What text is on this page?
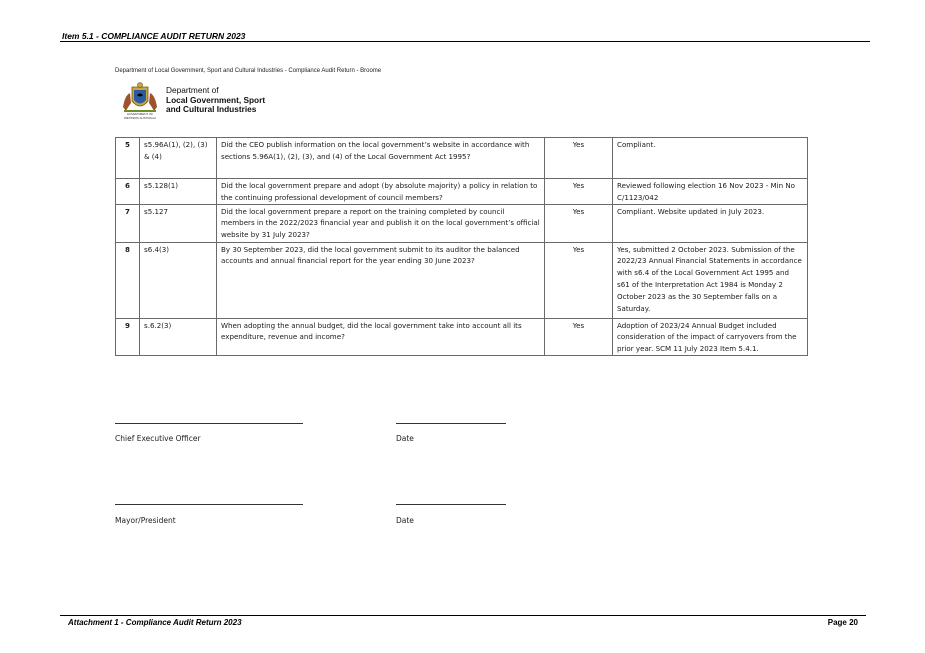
Item 5.1 - COMPLIANCE AUDIT RETURN 2023
Department of Local Government, Sport and Cultural Industries - Compliance Audit Return - Broome
GOVERNMENT OF
WESTERN AUSTRALIA
Department of
Local Government, Sport
and Cultural Industries
5	s5.96A(1), (2), (3) & (4)	Did the CEO publish information on the local government’s website in accordance with sections 5.96A(1), (2), (3), and (4) of the Local Government Act 1995?	Yes	Compliant.
6	s5.128(1)	Did the local government prepare and adopt (by absolute majority) a policy in relation to the continuing professional development of council members?	Yes	Reviewed following election 16 Nov 2023 - Min No C/1123/042
7	s5.127	Did the local government prepare a report on the training completed by council members in the 2022/2023 financial year and publish it on the local government’s official website by 31 July 2023?	Yes	Compliant. Website updated in July 2023.
8	s6.4(3)	By 30 September 2023, did the local government submit to its auditor the balanced accounts and annual financial report for the year ending 30 June 2023?	Yes	Yes, submitted 2 October 2023. Submission of the 2022/23 Annual Financial Statements in accordance with s6.4 of the Local Government Act 1995 and s61 of the Interpretation Act 1984 is Monday 2 October 2023 as the 30 September falls on a Saturday.
9	s.6.2(3)	When adopting the annual budget, did the local government take into account all its expenditure, revenue and income?	Yes	Adoption of 2023/24 Annual Budget included consideration of the impact of carryovers from the prior year. SCM 11 July 2023 Item 5.4.1.
Chief Executive Officer	Date
Mayor/President	Date
Attachment 1 - Compliance Audit Return 2023	Page 20
